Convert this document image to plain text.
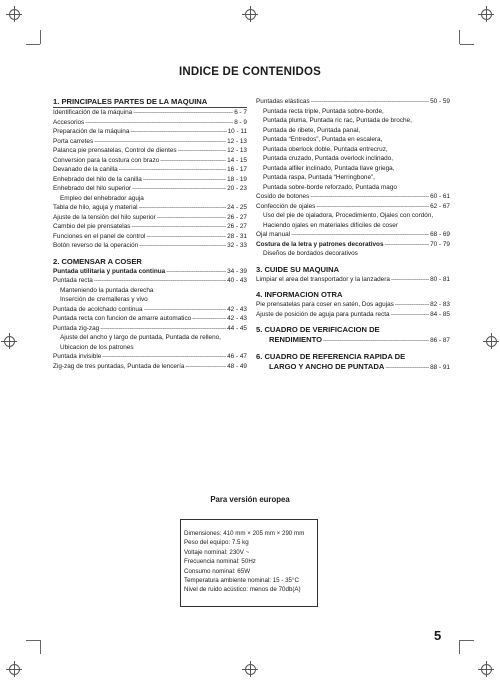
INDICE DE CONTENIDOS
1. PRINCIPALES PARTES DE LA MAQUINA
Identificación de la máquina -----	6 - 7
Accesorios -----	8 - 9
Preparación de la máquina -----	10 - 11
Porta carretes -----	12 - 13
Palanca pie prensatelas, Control de dientes -----	12 - 13
Conversion para la costura con brazo -----	14 - 15
Devanado de la canilla -----	16 - 17
Enhebrado del hilo de la canilla -----	18 - 19
Enhebrado del hilo superior -----	20 - 23
Empleo del enhebrador aguja
Tabla de hilo, aguja y material -----	24 - 25
Ajuste de la tensión del hilo superior -----	26 - 27
Cambio del pie prensatelas -----	26 - 27
Funciones en el panel de control -----	28 - 31
Botón reverso de la operación -----	32 - 33
2. COMENSAR A COSER
Puntada utilitaria y puntada continua -----	34 - 39
Puntada recta -----	40 - 43
Manteniendo la puntada derecha
Inserción de cremalleras y vivo
Puntada de acolchado continua -----	42 - 43
Puntada recta con funcion de amarre automatico -----	42 - 43
Puntada zig-zag -----	44 - 45
Ajuste del ancho y largo de puntada, Puntada de relleno,
Ubicacion de los patrones
Puntada invisible -----	46 - 47
Zig-zag de tres puntadas, Puntada de lencería -----	48 - 49
Puntadas elásticas -----	50 - 59
Puntada recta triple, Puntada sobre-borde,
Puntada pluma, Puntada ric rac, Puntada de broche,
Puntada de ribete, Puntada panal,
Puntada “Entredos”, Puntada en escalera,
Puntada oberlock doble, Puntada entrecruz,
Puntada cruzado, Puntada overlock inclinado,
Puntada alfiler inclinado, Puntada llave griega,
Puntada raspa, Puntada “Herringbone”,
Puntada sobre-borde reforzado, Puntada mago
Cosido de botones -----	60 - 61
Confección de ojales -----	62 - 67
Uso del pie de ojaladora, Procedimiento, Ojales con cordón,
Haciendo ojales en materiales difíciles de coser
Ojal manual -----	68 - 69
Costura de la letra y patrones decorativos -----	70 - 79
Diseños de bordados decorativos
3. CUIDE SU MAQUINA
Limpiar el area del transportador y la lanzadera -----	80 - 81
4. INFORMACION OTRA
Pie prensatelas para coser en satén, Dos agujas -----	82 - 83
Ajuste de posición de aguja para puntada recta -----	84 - 85
5. CUADRO DE VERIFICACION DE
RENDIMIENTO -----	86 - 87
6. CUADRO DE REFERENCIA RAPIDA DE
LARGO Y ANCHO DE PUNTADA -----	88 - 91
Para versión europea
Dimensiones: 410 mm × 205 mm × 290 mm
Peso del equipo: 7.5 kg
Voltaje nominal: 230V ~
Frecuencia nominal: 50Hz
Consumo nominal: 65W
Temperatura ambiente nominal: 15 - 35°C
Nivel de ruido acústico: menos de 70db(A)
5
